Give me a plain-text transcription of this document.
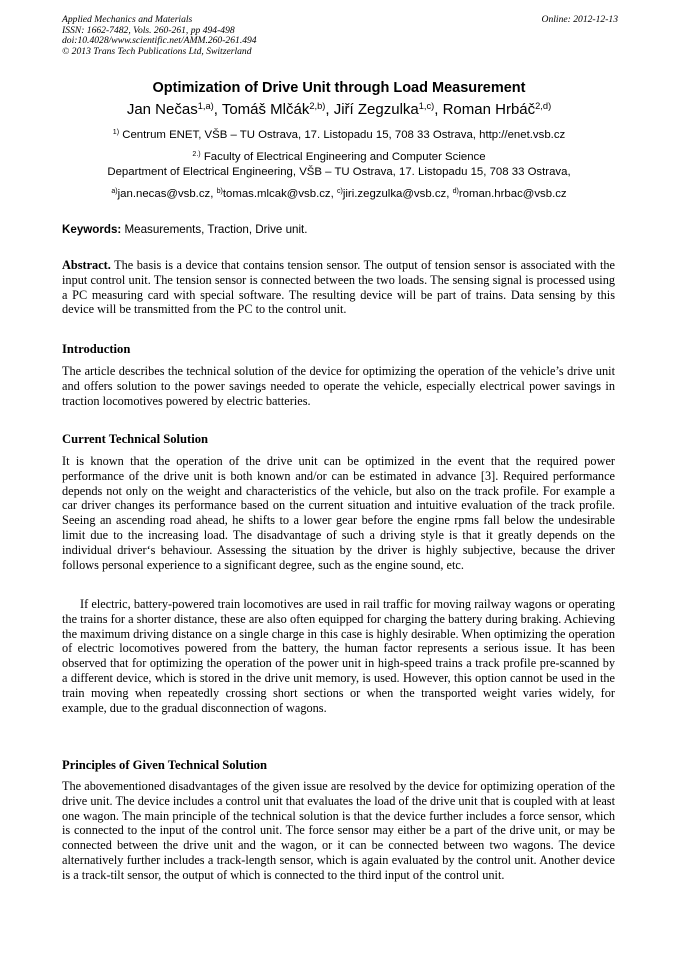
Applied Mechanics and Materials
ISSN: 1662-7482, Vols. 260-261, pp 494-498
doi:10.4028/www.scientific.net/AMM.260-261.494
© 2013 Trans Tech Publications Ltd, Switzerland
Online: 2012-12-13
Optimization of Drive Unit through Load Measurement
Jan Nečas$^{1,a)}$, Tomáš Mlčák$^{2,b)}$, Jiří Zegzulka$^{1,c)}$, Roman Hrbáč$^{2,d)}$
$^{1)}$ Centrum ENET, VŠB – TU Ostrava, 17. Listopadu 15, 708 33 Ostrava, http://enet.vsb.cz
$^{2.)}$ Faculty of Electrical Engineering and Computer Science
Department of Electrical Engineering, VŠB – TU Ostrava, 17. Listopadu 15, 708 33 Ostrava,
$^{a)}$jan.necas@vsb.cz, $^{b)}$tomas.mlcak@vsb.cz, $^{c)}$jiri.zegzulka@vsb.cz, $^{d)}$roman.hrbac@vsb.cz
Keywords: Measurements, Traction, Drive unit.

Abstract. The basis is a device that contains tension sensor. The output of tension sensor is associated with the input control unit. The tension sensor is connected between the two loads. The sensing signal is processed using a PC measuring card with special software. The resulting device will be part of trains. Data sensing by this device will be transmitted from the PC to the control unit.

Introduction

The article describes the technical solution of the device for optimizing the operation of the vehicle’s drive unit and offers solution to the power savings needed to operate the vehicle, especially electrical power savings in traction locomotives powered by electric batteries.

Current Technical Solution

It is known that the operation of the drive unit can be optimized in the event that the required power performance of the drive unit is both known and/or can be estimated in advance [3]. Required performance depends not only on the weight and characteristics of the vehicle, but also on the track profile. For example a car driver changes its performance based on the current situation and intuitive evaluation of the track profile. Seeing an ascending road ahead, he shifts to a lower gear before the engine rpms fall below the undesirable limit due to the increasing load. The disadvantage of such a driving style is that it greatly depends on the individual driver‘s behaviour. Assessing the situation by the driver is highly subjective, because the driver follows personal experience to a significant degree, such as the engine sound, etc.

If electric, battery-powered train locomotives are used in rail traffic for moving railway wagons or operating the trains for a shorter distance, these are also often equipped for charging the battery during braking. Achieving the maximum driving distance on a single charge in this case is highly desirable. When optimizing the operation of electric locomotives powered from the battery, the human factor represents a serious issue. It has been observed that for optimizing the operation of the power unit in high-speed trains a track profile pre-scanned by a different device, which is stored in the drive unit memory, is used. However, this option cannot be used in the train moving when repeatedly crossing short sections or when the transported weight varies widely, for example, due to the gradual disconnection of wagons.

Principles of Given Technical Solution

The abovementioned disadvantages of the given issue are resolved by the device for optimizing operation of the drive unit. The device includes a control unit that evaluates the load of the drive unit that is coupled with at least one wagon. The main principle of the technical solution is that the device further includes a force sensor, which is connected to the input of the control unit. The force sensor may either be a part of the drive unit, or may be connected between the drive unit and the wagon, or it can be connected between two wagons. The device alternatively further includes a track-length sensor, which is again evaluated by the control unit. Another device is a track-tilt sensor, the output of which is connected to the third input of the control unit.
